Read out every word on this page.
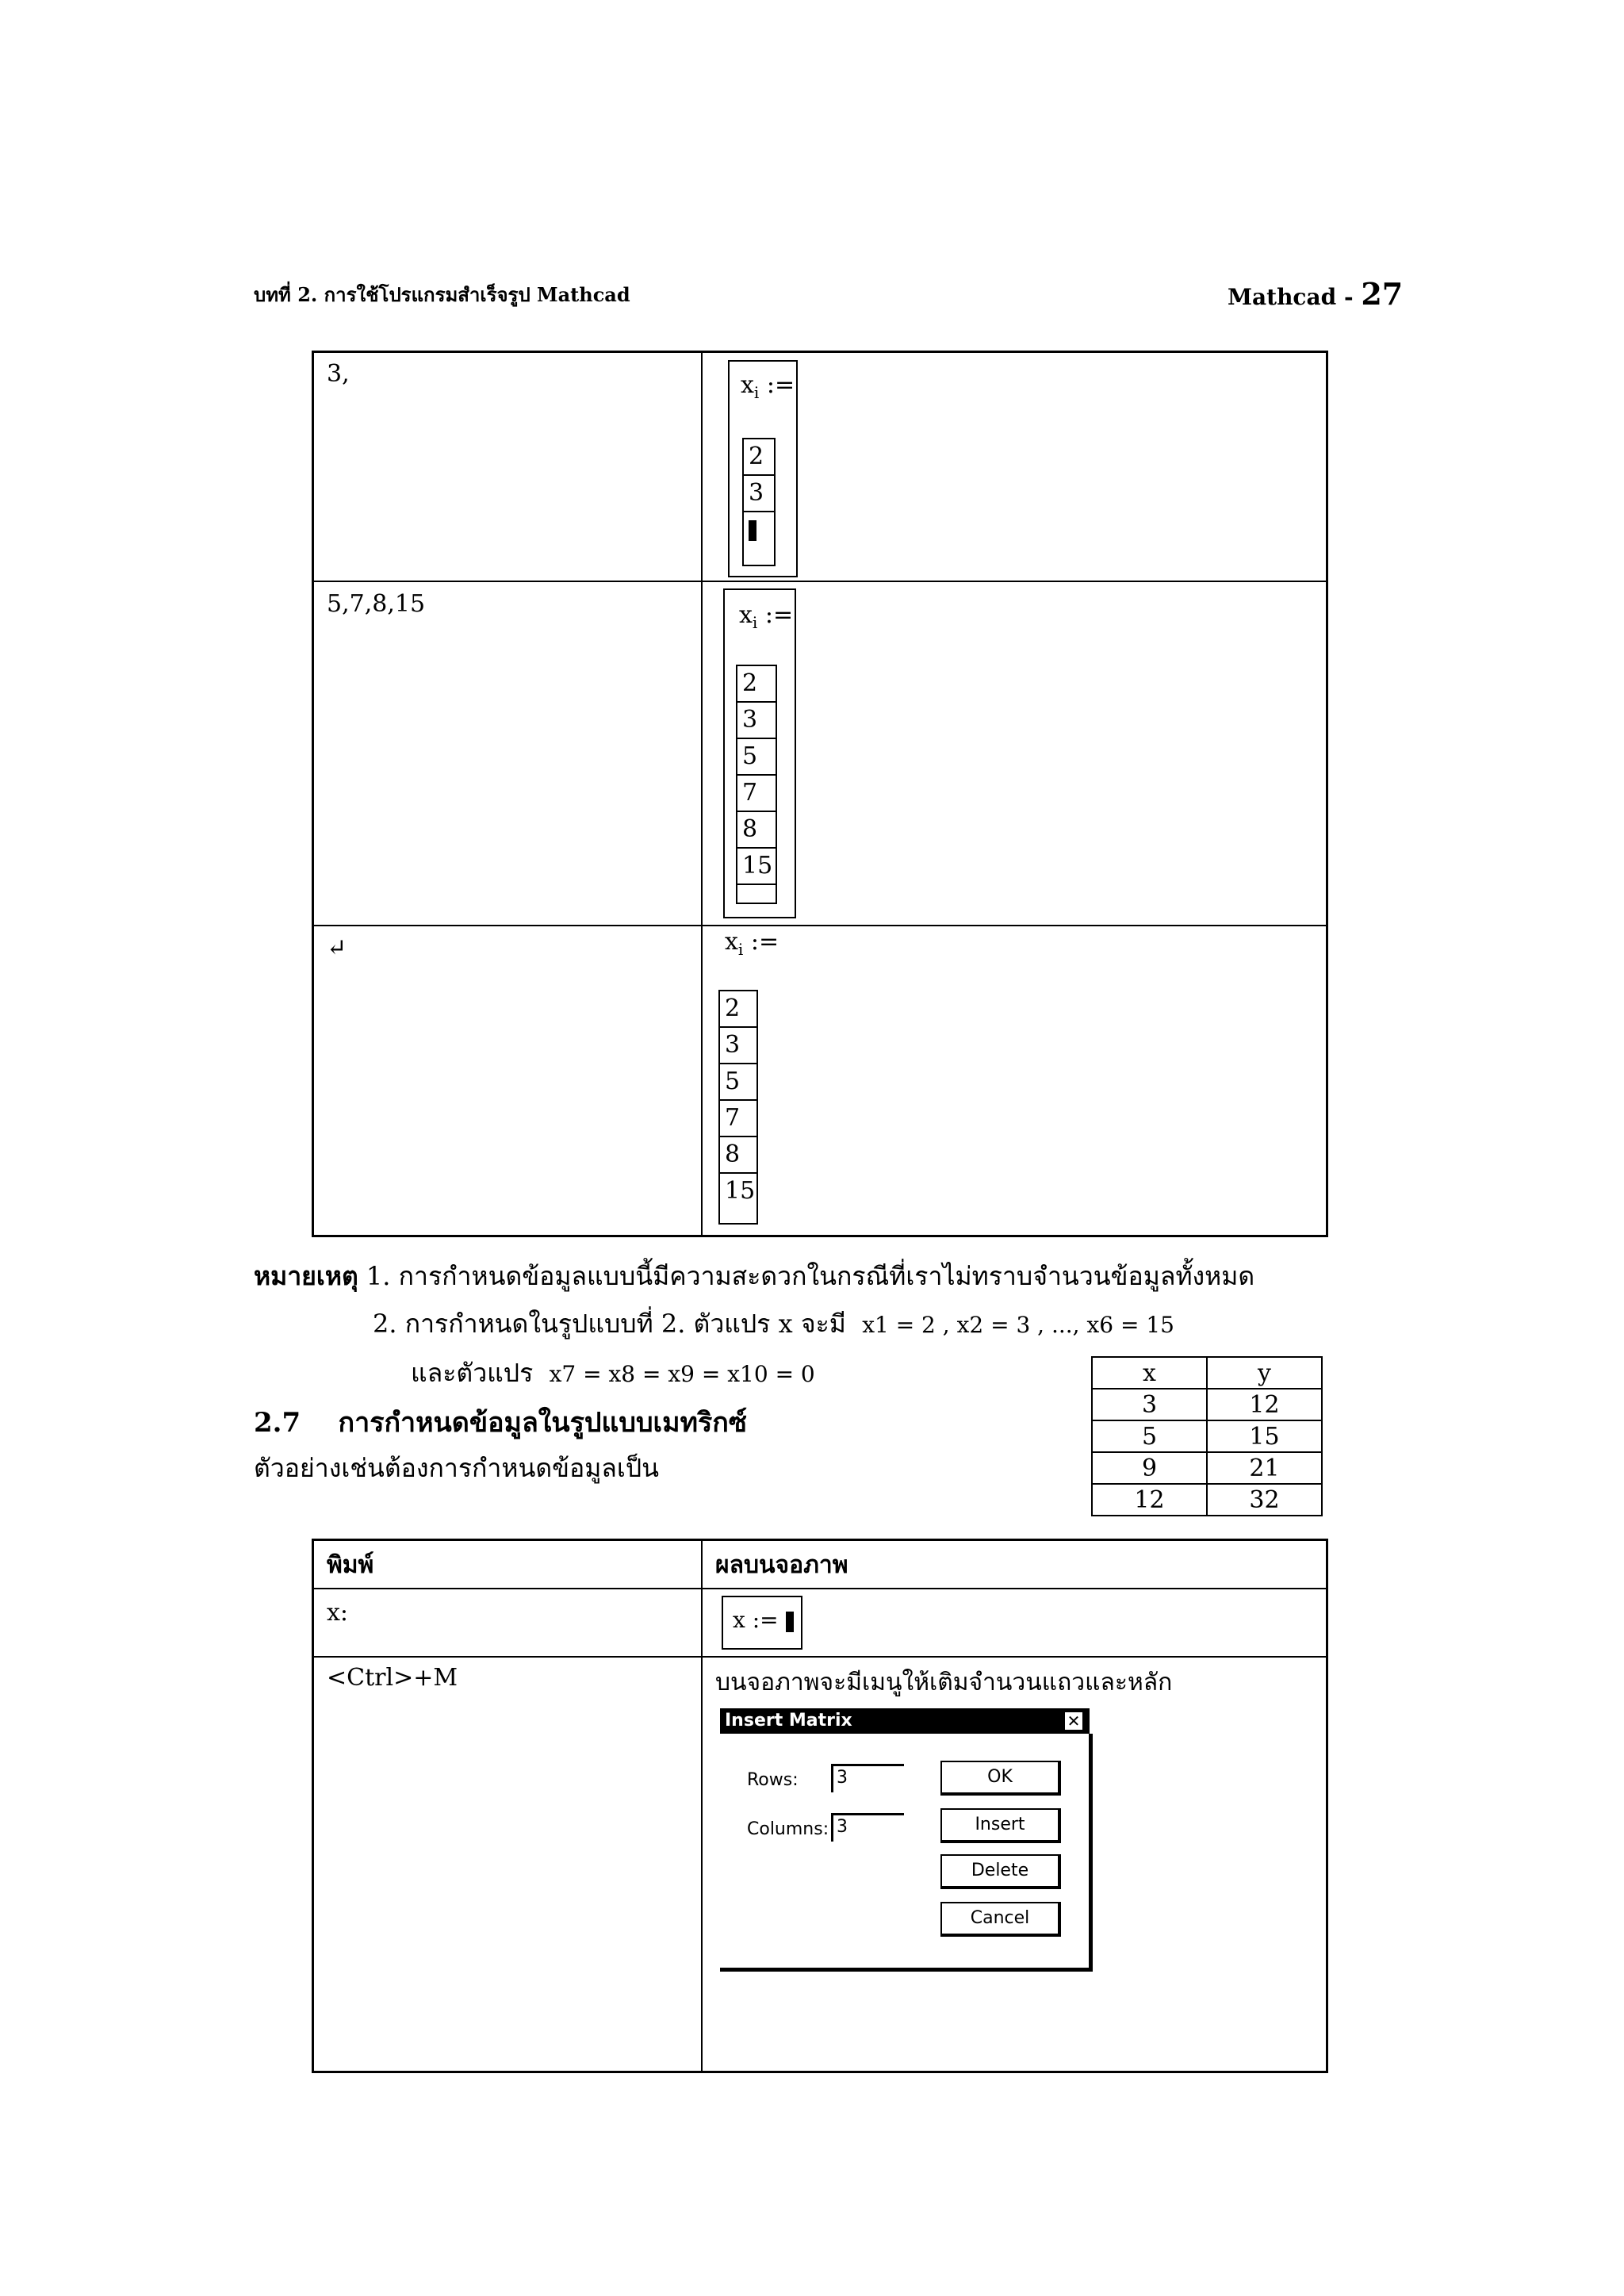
บทที่ 2. การใช้โปรแกรมสำเร็จรูป Mathcad	Mathcad - 27
3,	$x_i$ :=
2
3
5,7,8,15	$x_i$ :=
2
3
5
7
8
15
↵	$x_i$ :=
2
3
5
7
8
15
หมายเหตุ 1. การกำหนดข้อมูลแบบนี้มีความสะดวกในกรณีที่เราไม่ทราบจำนวนข้อมูลทั้งหมด
2. การกำหนดในรูปแบบที่ 2. ตัวแปร x จะมี x1 = 2 , x2 = 3 , ..., x6 = 15
และตัวแปร x7 = x8 = x9 = x10 = 0
2.7 การกำหนดข้อมูลในรูปแบบเมทริกซ์
ตัวอย่างเช่นต้องการกำหนดข้อมูลเป็น
x	y
3	12
5	15
9	21
12	32
พิมพ์	ผลบนจอภาพ
x:	x :=
<Ctrl>+M	บนจอภาพจะมีเมนูให้เติมจำนวนแถวและหลัก
Insert Matrix	✕
Rows:	3
Columns: 3
OK
Insert
Delete
Cancel
